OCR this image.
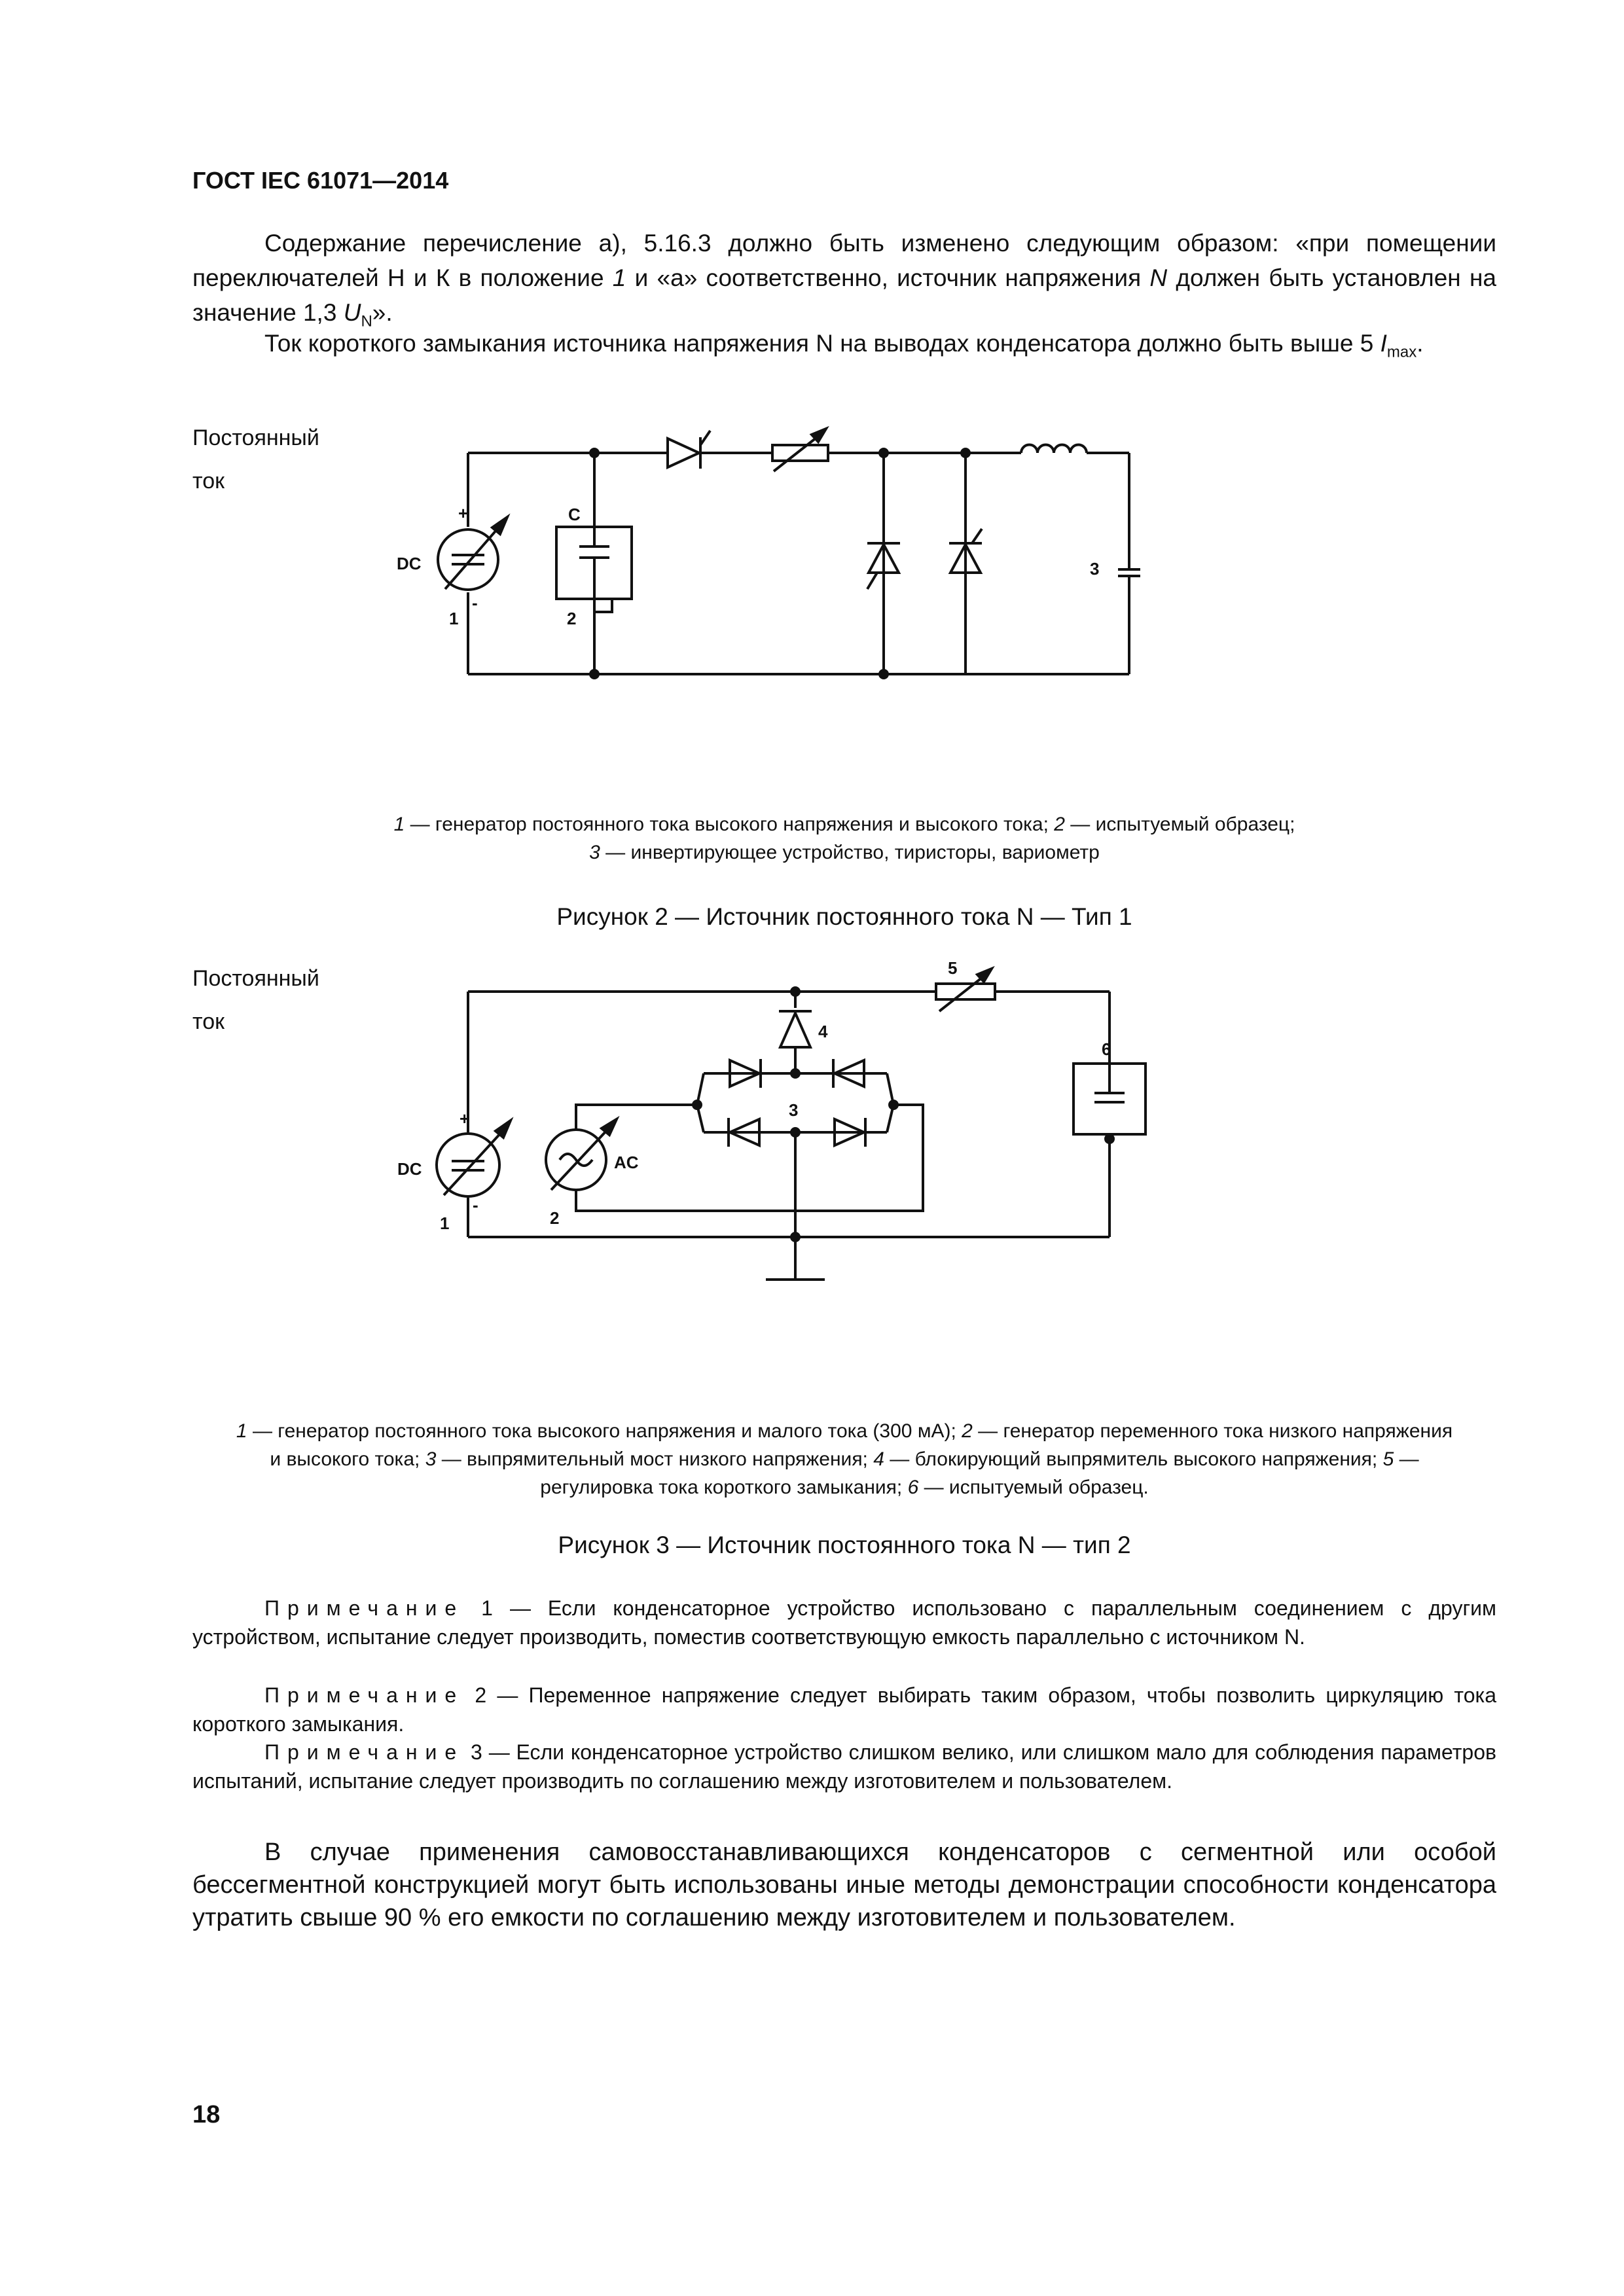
ГОСТ IEC 61071—2014
Содержание перечисление а), 5.16.3 должно быть изменено следующим образом: «при помещении переключателей Н и К в положение 1 и «а» соответственно, источник напряжения N должен быть установлен на значение 1,3 $U_N$».
Ток короткого замыкания источника напряжения N на выводах конденсатора должно быть выше 5 $I_{max}$.
Постоянный
ток
+
-
DC
1
C
2
3
1 — генератор постоянного тока высокого напряжения и высокого тока; 2 — испытуемый образец;
3 — инвертирующее устройство, тиристоры, вариометр
Рисунок 2 — Источник постоянного тока N — Тип 1
Постоянный
ток
+
-
DC
1
AC
2
5
4
3
6
1 — генератор постоянного тока высокого напряжения и малого тока (300 мА); 2 — генератор переменного тока низкого напряжения и высокого тока; 3 — выпрямительный мост низкого напряжения; 4 — блокирующий выпрямитель высокого напряжения; 5 — регулировка тока короткого замыкания; 6 — испытуемый образец.
Рисунок 3 — Источник постоянного тока N — тип 2
Примечание 1 — Если конденсаторное устройство использовано с параллельным соединением с другим устройством, испытание следует производить, поместив соответствующую емкость параллельно с источником N.
Примечание 2 — Переменное напряжение следует выбирать таким образом, чтобы позволить циркуляцию тока короткого замыкания.
Примечание 3 — Если конденсаторное устройство слишком велико, или слишком мало для соблюдения параметров испытаний, испытание следует производить по соглашению между изготовителем и пользователем.
В случае применения самовосстанавливающихся конденсаторов с сегментной или особой бессегментной конструкцией могут быть использованы иные методы демонстрации способности конденсатора утратить свыше 90 % его емкости по соглашению между изготовителем и пользователем.
18
